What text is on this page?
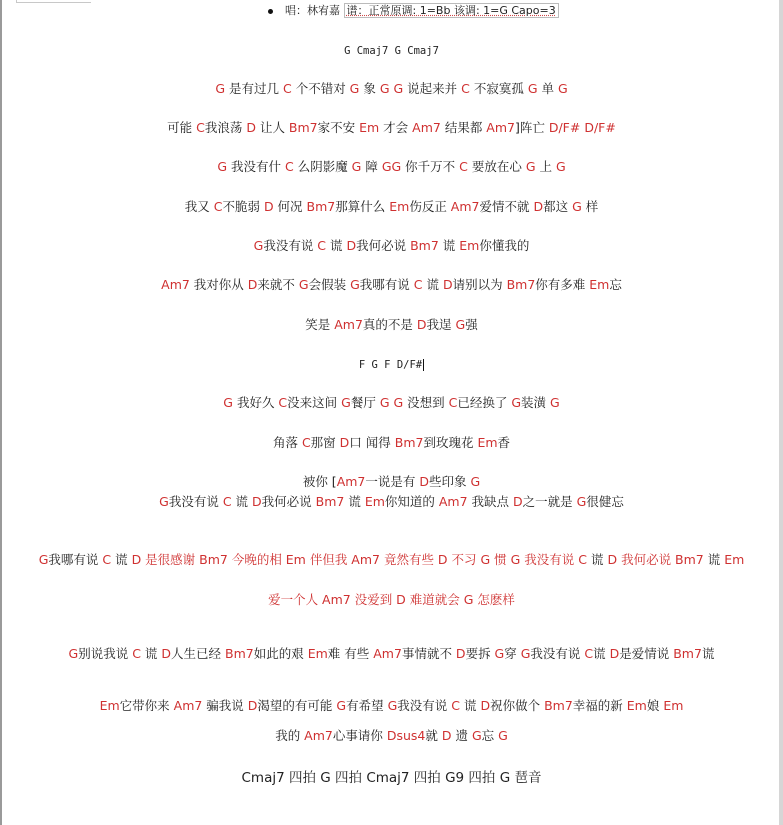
唱：林宥嘉 谱：正常原调: 1=Bb 该调: 1=G Capo=3
G Cmaj7 G Cmaj7
G 是有过几 C 个不错对 G 象 G G 说起来并 C 不寂寞孤 G 单 G
可能 C我浪荡 D 让人 Bm7家不安 Em 才会 Am7 结果都 Am7]阵亡 D/F# D/F#
G 我没有什 C 么阴影魔 G 障 GG 你千万不 C 要放在心 G 上 G
我又 C不脆弱 D 何况 Bm7那算什么 Em伤反正 Am7爱情不就 D都这 G 样
G我没有说 C 谎 D我何必说 Bm7 谎 Em你懂我的
Am7 我对你从 D来就不 G会假装 G我哪有说 C 谎 D请别以为 Bm7你有多难 Em忘
笑是 Am7真的不是 D我逞 G强
F G F D/F#
G 我好久 C没来这间 G餐厅 G G 没想到 C已经换了 G装潢 G
角落 C那窗 D口 闻得 Bm7到玫瑰花 Em香
被你 [Am7一说是有 D些印象 G
G我没有说 C 谎 D我何必说 Bm7 谎 Em你知道的 Am7 我缺点 D之一就是 G很健忘
G我哪有说 C 谎 D 是很感谢 Bm7 今晚的相 Em 伴但我 Am7 竟然有些 D 不习 G 惯 G 我没有说 C 谎 D 我何必说 Bm7 谎 Em
爱一个人 Am7 没爱到 D 难道就会 G 怎麽样
G别说我说 C 谎 D人生已经 Bm7如此的艰 Em难 有些 Am7事情就不 D要拆 G穿 G我没有说 C谎 D是爱情说 Bm7谎
Em它带你来 Am7 骗我说 D渴望的有可能 G有希望 G我没有说 C 谎 D祝你做个 Bm7幸福的新 Em娘 Em
我的 Am7心事请你 Dsus4就 D 遗 G忘 G
Cmaj7 四拍 G 四拍 Cmaj7 四拍 G9 四拍 G 琶音
